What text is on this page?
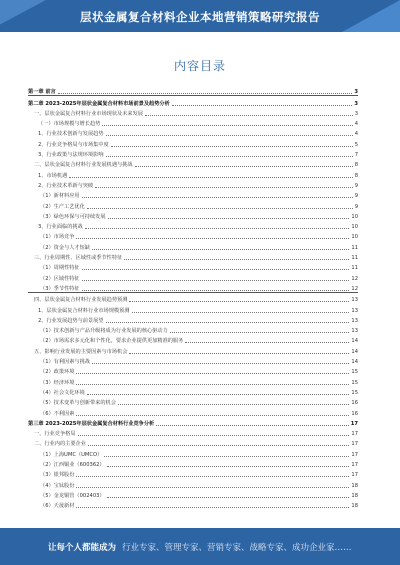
层状金属复合材料企业本地营销策略研究报告
内容目录
第一章 前言	3
第二章 2023-2025年层状金属复合材料市场前景及趋势分析	3
一、层状金属复合材料行业市场现状及未来发展	3
（一）市场规模与增长趋势	4
1、行业技术创新与发展趋势	4
2、行业竞争格局与市场集中度	5
3、行业政策与法规环境影响	7
二、层状金属复合材料行业发展机遇与挑战	8
1、市场机遇	8
2、行业技术革新与突破	9
（1）新材料应用	9
（2）生产工艺优化	9
（3）绿色环保与可持续发展	10
3、行业面临的挑战	10
（1）市场竞争	10
（2）资金与人才短缺	11
三、行业周期性、区域性或季节性特征	11
（1）周期性特征	11
（2）区域性特征	12
（3）季节性特征	12
四、层状金属复合材料行业发展趋势预测	13
1、层状金属复合材料行业市场规模预测	13
2、行业发展趋势与前景展望	13
（1）技术创新与产品升级将成为行业发展的核心驱动力	13
（2）市场需求多元化和个性化，要求企业提供更加精准的服务	14
五、影响行业发展的主要因素与市场机会	14
（1）有利因素与挑战	14
（2）政策环境	15
（3）经济环境	15
（4）社会文化环境	15
（5）技术变革与创新带来的机会	16
（6）不利因素	16
第三章 2023-2025年层状金属复合材料行业竞争分析	17
一、行业竞争格局	17
二、行业内的主要企业	17
（1）上海UMC（UMCO）	17
（2）江西铜业（600362）	17
（3）银邦股份	17
（4）宝钛股份	18
（5）金龙铜管（002403）	18
（6）天晟新材	18
让每个人都能成为 行业专家、管理专家、营销专家、战略专家、成功企业家……
